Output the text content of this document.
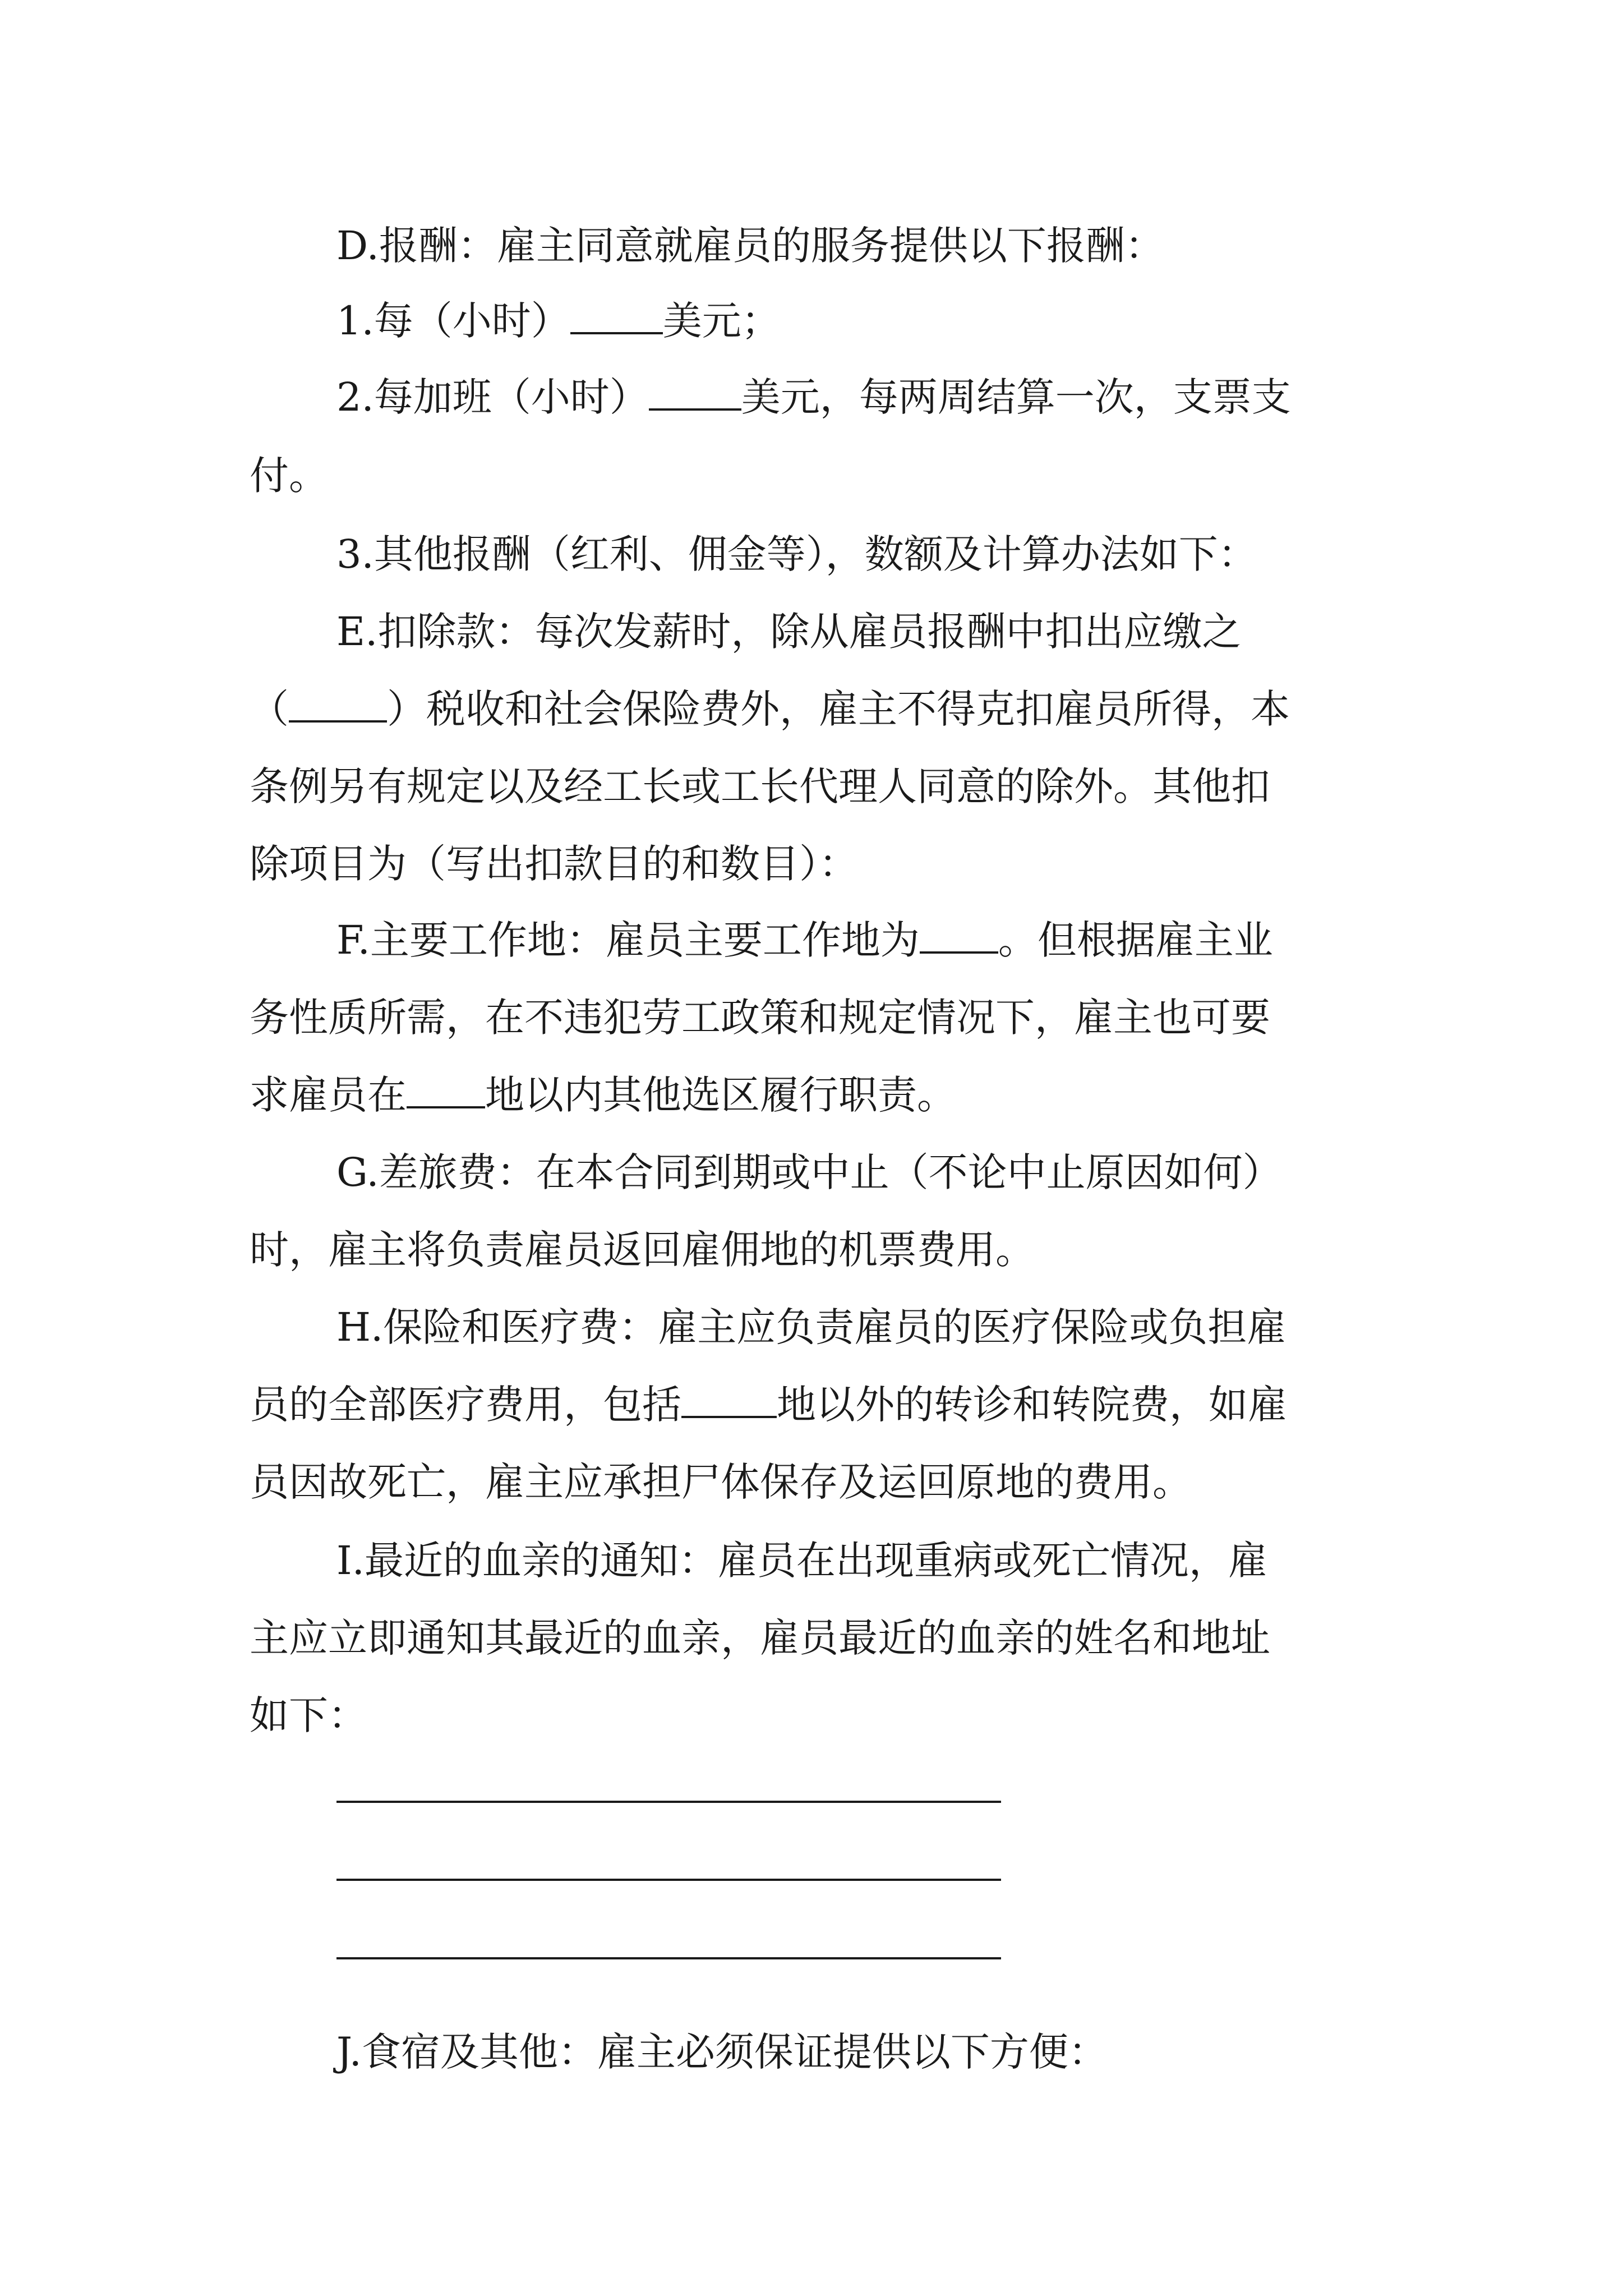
D.报酬：雇主同意就雇员的服务提供以下报酬：
1.每（小时） 美元；
2.每加班（小时） 美元，每两周结算一次，支票支
付。
3.其他报酬（红利、佣金等），数额及计算办法如下：
E.扣除款：每次发薪时，除从雇员报酬中扣出应缴之
（	）税收和社会保险费外，雇主不得克扣雇员所得，本
条例另有规定以及经工长或工长代理人同意的除外。其他扣
除项目为（写出扣款目的和数目）：
F.主要工作地：雇员主要工作地为 。但根据雇主业
务性质所需，在不违犯劳工政策和规定情况下，雇主也可要
求雇员在 地以内其他选区履行职责。
G.差旅费：在本合同到期或中止（不论中止原因如何）
时，雇主将负责雇员返回雇佣地的机票费用。
H.保险和医疗费：雇主应负责雇员的医疗保险或负担雇
员的全部医疗费用，包括 地以外的转诊和转院费，如雇
员因故死亡，雇主应承担尸体保存及运回原地的费用。
I.最近的血亲的通知：雇员在出现重病或死亡情况，雇
主应立即通知其最近的血亲，雇员最近的血亲的姓名和地址
如下：
J.食宿及其他：雇主必须保证提供以下方便：
